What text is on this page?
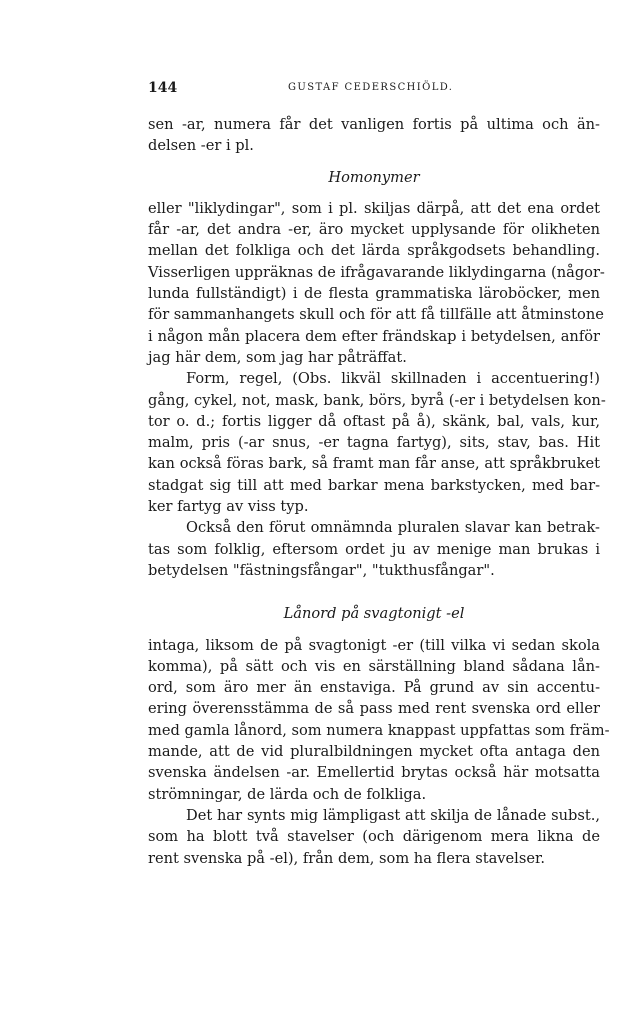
144	GUSTAF CEDERSCHIÖLD.
sen -ar, numera får det vanligen fortis på ultima och än-
delsen -er i pl.
Homonymer
eller "liklydingar", som i pl. skiljas därpå, att det ena ordet
får -ar, det andra -er, äro mycket upplysande för olikheten
mellan det folkliga och det lärda språkgodsets behandling.
Visserligen uppräknas de ifrågavarande liklydingarna (någor-
lunda fullständigt) i de flesta grammatiska läroböcker, men
för sammanhangets skull och för att få tillfälle att åtminstone
i någon mån placera dem efter frändskap i betydelsen, anför
jag här dem, som jag har påträffat.
Form, regel, (Obs. likväl skillnaden i accentuering!)
gång, cykel, not, mask, bank, börs, byrå (-er i betydelsen kon-
tor o. d.; fortis ligger då oftast på å), skänk, bal, vals, kur,
malm, pris (-ar snus, -er tagna fartyg), sits, stav, bas. Hit
kan också föras bark, så framt man får anse, att språkbruket
stadgat sig till att med barkar mena barkstycken, med bar-
ker fartyg av viss typ.
Också den förut omnämnda pluralen slavar kan betrak-
tas som folklig, eftersom ordet ju av menige man brukas i
betydelsen "fästningsfångar", "tukthusfångar".
Lånord på svagtonigt -el
intaga, liksom de på svagtonigt -er (till vilka vi sedan skola
komma), på sätt och vis en särställning bland sådana lån-
ord, som äro mer än enstaviga. På grund av sin accentu-
ering överensstämma de så pass med rent svenska ord eller
med gamla lånord, som numera knappast uppfattas som främ-
mande, att de vid pluralbildningen mycket ofta antaga den
svenska ändelsen -ar. Emellertid brytas också här motsatta
strömningar, de lärda och de folkliga.
Det har synts mig lämpligast att skilja de lånade subst.,
som ha blott två stavelser (och därigenom mera likna de
rent svenska på -el), från dem, som ha flera stavelser.
